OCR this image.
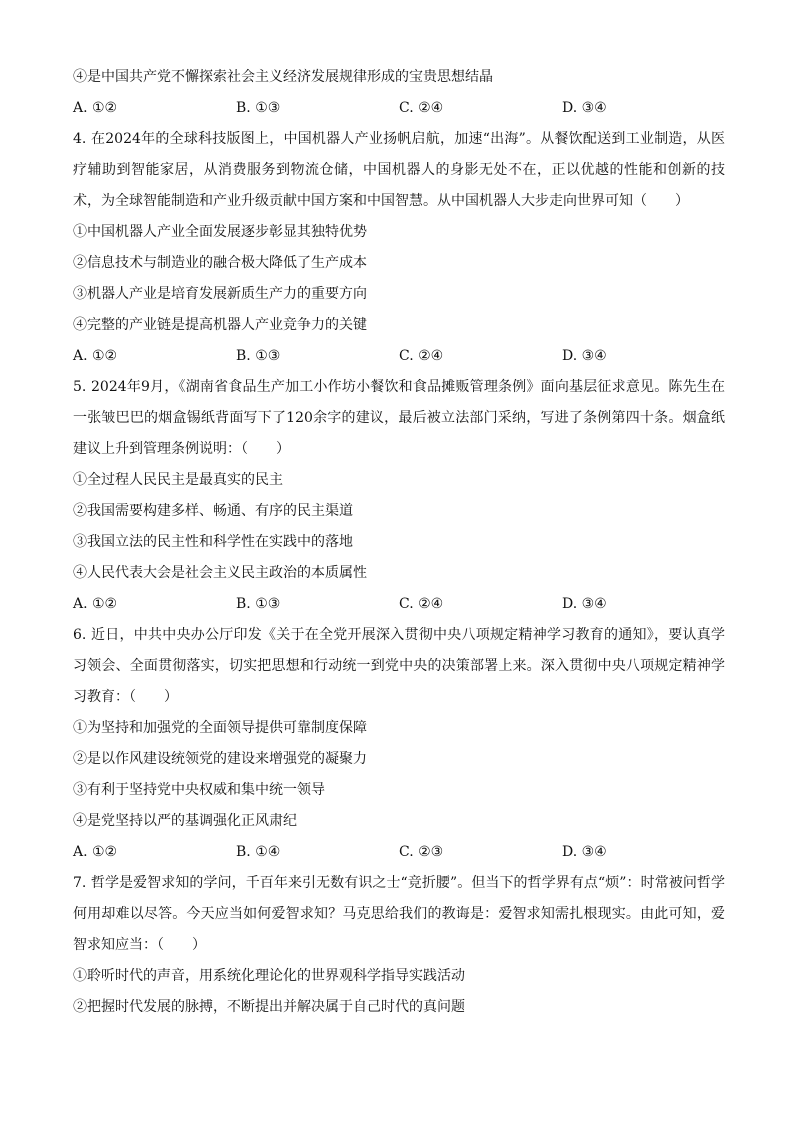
④是中国共产党不懈探索社会主义经济发展规律形成的宝贵思想结晶
A. ①②	B. ①③	C. ②④	D. ③④
4. 在2024年的全球科技版图上，中国机器人产业扬帆启航，加速“出海”。从餐饮配送到工业制造，从医疗辅助到智能家居，从消费服务到物流仓储，中国机器人的身影无处不在，正以优越的性能和创新的技术，为全球智能制造和产业升级贡献中国方案和中国智慧。从中国机器人大步走向世界可知（　　）
①中国机器人产业全面发展逐步彰显其独特优势
②信息技术与制造业的融合极大降低了生产成本
③机器人产业是培育发展新质生产力的重要方向
④完整的产业链是提高机器人产业竞争力的关键
A. ①②	B. ①③	C. ②④	D. ③④
5. 2024年9月，《湖南省食品生产加工小作坊小餐饮和食品摊贩管理条例》面向基层征求意见。陈先生在一张皱巴巴的烟盒锡纸背面写下了120余字的建议，最后被立法部门采纳，写进了条例第四十条。烟盒纸建议上升到管理条例说明：（　　）
①全过程人民民主是最真实的民主
②我国需要构建多样、畅通、有序的民主渠道
③我国立法的民主性和科学性在实践中的落地
④人民代表大会是社会主义民主政治的本质属性
A. ①②	B. ①③	C. ②④	D. ③④
6. 近日，中共中央办公厅印发《关于在全党开展深入贯彻中央八项规定精神学习教育的通知》，要认真学习领会、全面贯彻落实，切实把思想和行动统一到党中央的决策部署上来。深入贯彻中央八项规定精神学习教育：（　　）
①为坚持和加强党的全面领导提供可靠制度保障
②是以作风建设统领党的建设来增强党的凝聚力
③有利于坚持党中央权威和集中统一领导
④是党坚持以严的基调强化正风肃纪
A. ①②	B. ①④	C. ②③	D. ③④
7. 哲学是爱智求知的学问，千百年来引无数有识之士“竞折腰”。但当下的哲学界有点“烦”：时常被问哲学何用却难以尽答。今天应当如何爱智求知？马克思给我们的教诲是：爱智求知需扎根现实。由此可知，爱智求知应当：（　　）
①聆听时代的声音，用系统化理论化的世界观科学指导实践活动
②把握时代发展的脉搏，不断提出并解决属于自己时代的真问题
